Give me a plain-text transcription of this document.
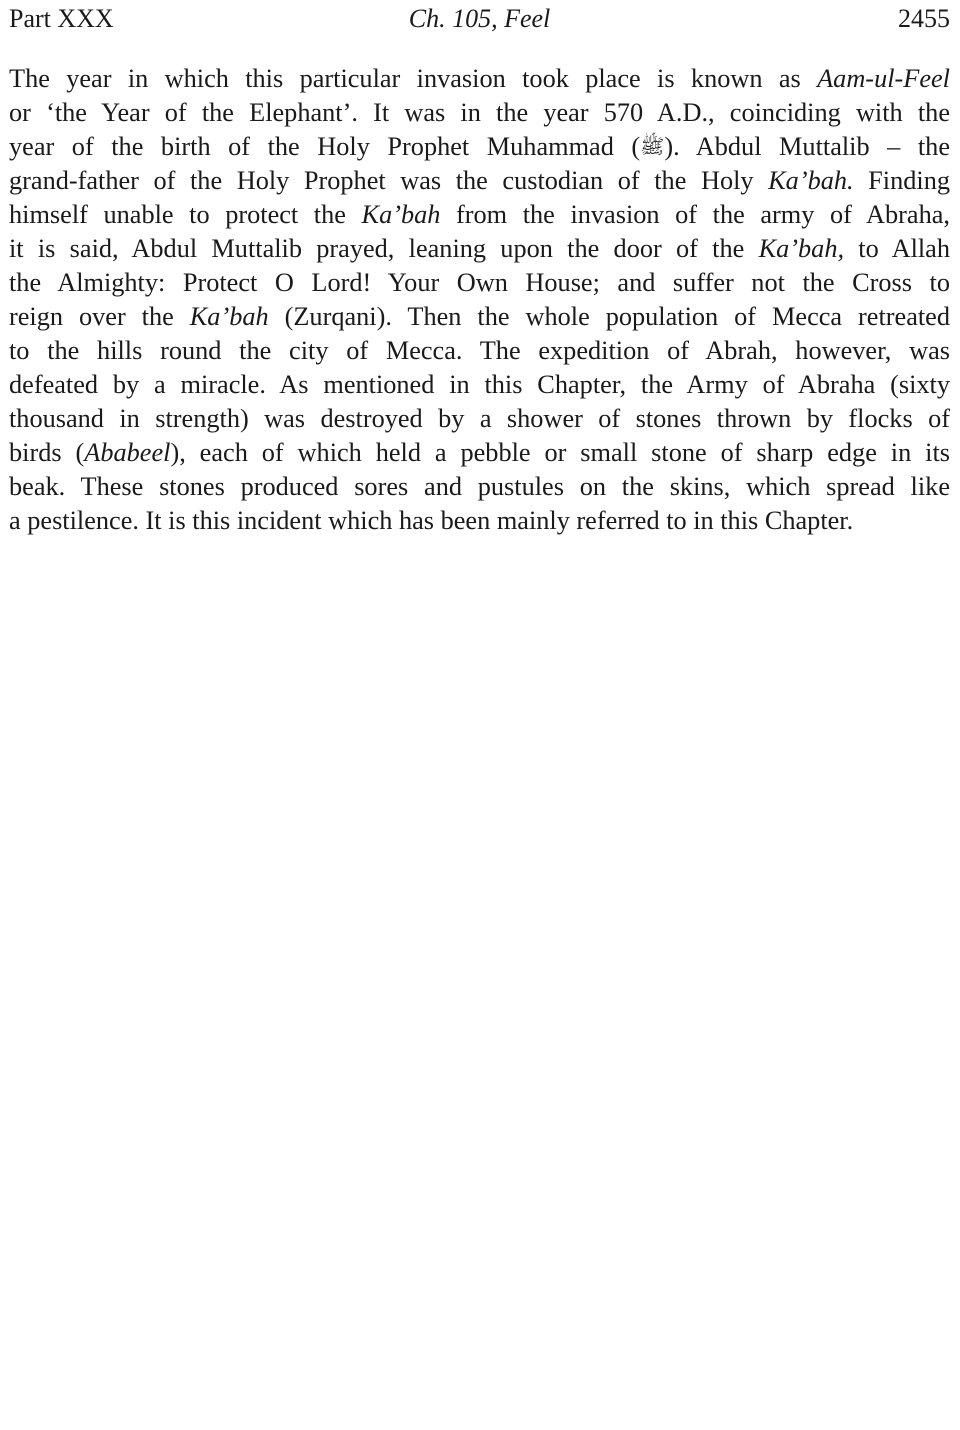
Part XXX	Ch. 105, Feel	2455
The year in which this particular invasion took place is known as Aam-ul-Feel
or ‘the Year of the Elephant’. It was in the year 570 A.D., coinciding with the
year of the birth of the Holy Prophet Muhammad (ﷺ). Abdul Muttalib – the
grand-father of the Holy Prophet was the custodian of the Holy Ka’bah. Finding
himself unable to protect the Ka’bah from the invasion of the army of Abraha,
it is said, Abdul Muttalib prayed, leaning upon the door of the Ka’bah, to Allah
the Almighty: Protect O Lord! Your Own House; and suffer not the Cross to
reign over the Ka’bah (Zurqani). Then the whole population of Mecca retreated
to the hills round the city of Mecca. The expedition of Abrah, however, was
defeated by a miracle. As mentioned in this Chapter, the Army of Abraha (sixty
thousand in strength) was destroyed by a shower of stones thrown by flocks of
birds (Ababeel), each of which held a pebble or small stone of sharp edge in its
beak. These stones produced sores and pustules on the skins, which spread like
a pestilence. It is this incident which has been mainly referred to in this Chapter.
